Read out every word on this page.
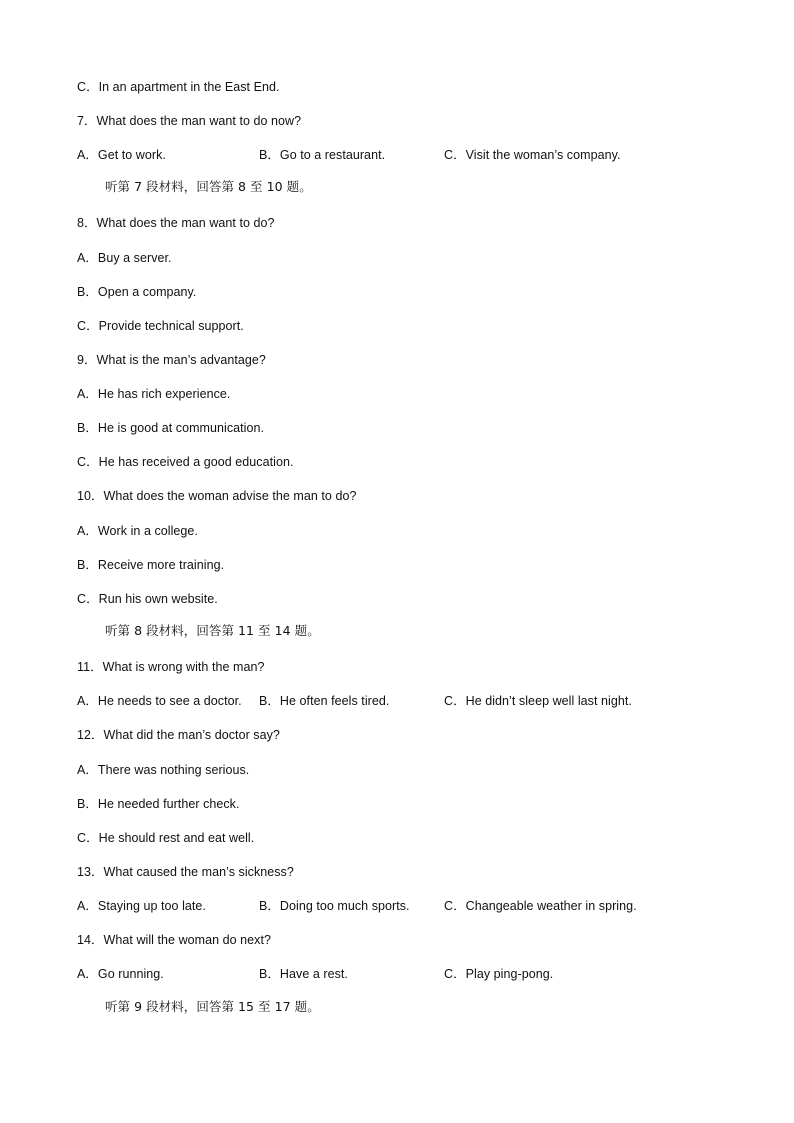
C．In an apartment in the East End.
7．What does the man want to do now?
A．Get to work.	B．Go to a restaurant.	C．Visit the woman’s company.
听第 7 段材料，回答第 8 至 10 题。
8．What does the man want to do?
A．Buy a server.
B．Open a company.
C．Provide technical support.
9．What is the man’s advantage?
A．He has rich experience.
B．He is good at communication.
C．He has received a good education.
10．What does the woman advise the man to do?
A．Work in a college.
B．Receive more training.
C．Run his own website.
听第 8 段材料，回答第 11 至 14 题。
11．What is wrong with the man?
A．He needs to see a doctor. B．He often feels tired.	C．He didn’t sleep well last night.
12．What did the man’s doctor say?
A．There was nothing serious.
B．He needed further check.
C．He should rest and eat well.
13．What caused the man’s sickness?
A．Staying up too late.	B．Doing too much sports.	C．Changeable weather in spring.
14．What will the woman do next?
A．Go running.	B．Have a rest.	C．Play ping-pong.
听第 9 段材料，回答第 15 至 17 题。
